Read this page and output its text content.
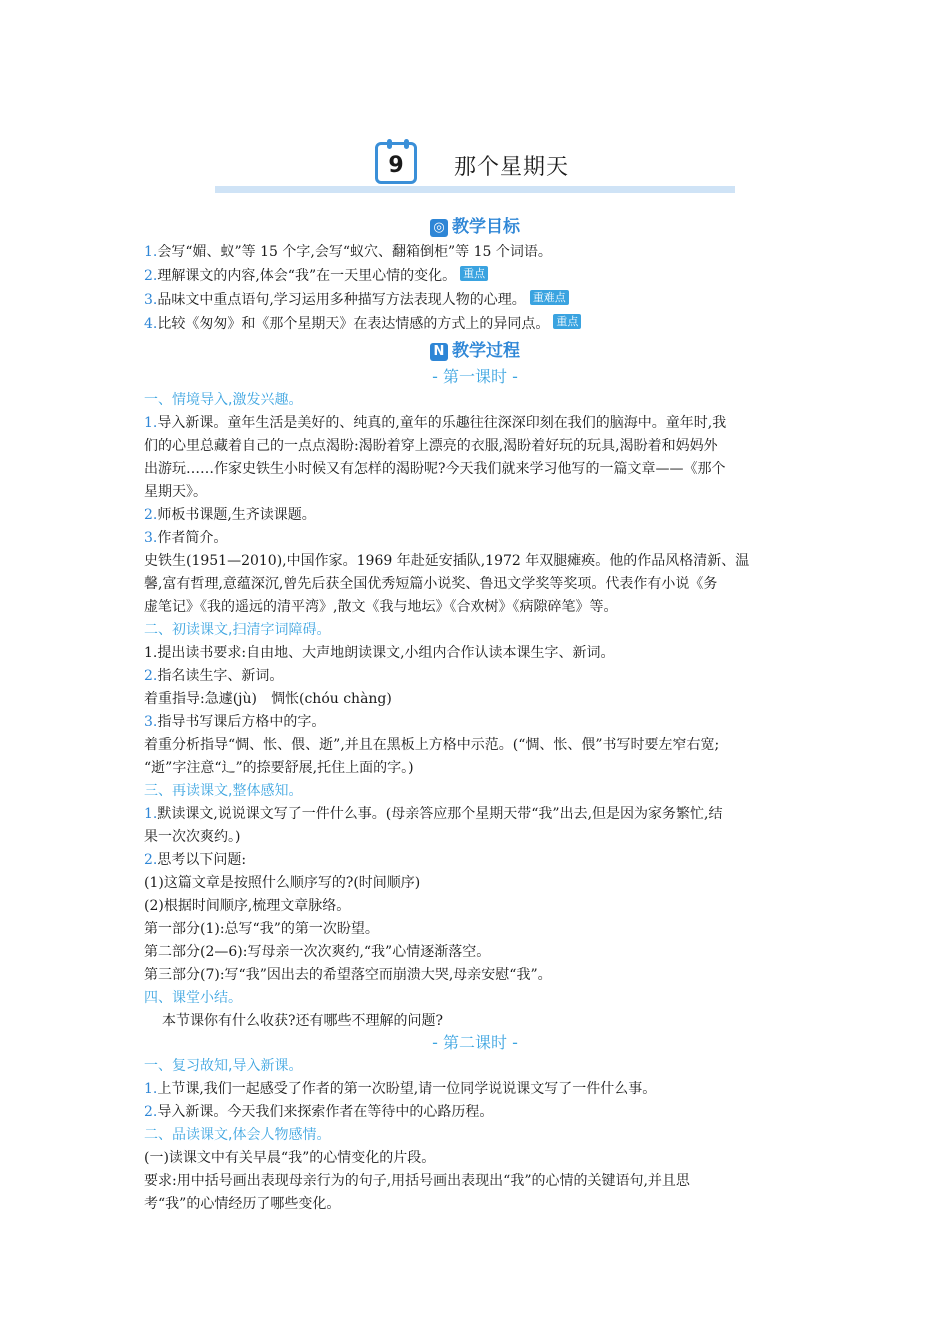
9	那个星期天
◎ 教学目标
1.会写“媚、蚁”等 15 个字,会写“蚁穴、翻箱倒柜”等 15 个词语。
2.理解课文的内容,体会“我”在一天里心情的变化。 重点
3.品味文中重点语句,学习运用多种描写方法表现人物的心理。 重难点
4.比较《匆匆》和《那个星期天》在表达情感的方式上的异同点。 重点
N 教学过程
- 第一课时 -
一、情境导入,激发兴趣。
1.导入新课。童年生活是美好的、纯真的,童年的乐趣往往深深印刻在我们的脑海中。童年时,我
们的心里总藏着自己的一点点渴盼:渴盼着穿上漂亮的衣服,渴盼着好玩的玩具,渴盼着和妈妈外
出游玩……作家史铁生小时候又有怎样的渴盼呢?今天我们就来学习他写的一篇文章——《那个
星期天》。
2.师板书课题,生齐读课题。
3.作者简介。
史铁生(1951—2010),中国作家。1969 年赴延安插队,1972 年双腿瘫痪。他的作品风格清新、温
馨,富有哲理,意蕴深沉,曾先后获全国优秀短篇小说奖、鲁迅文学奖等奖项。代表作有小说《务
虚笔记》《我的遥远的清平湾》,散文《我与地坛》《合欢树》《病隙碎笔》等。
二、初读课文,扫清字词障碍。
1.提出读书要求:自由地、大声地朗读课文,小组内合作认读本课生字、新词。
2.指名读生字、新词。
着重指导:急遽(jù)　惆怅(chóu chàng)
3.指导书写课后方格中的字。
着重分析指导“惆、怅、偎、逝”,并且在黑板上方格中示范。(“惆、怅、偎”书写时要左窄右宽;
“逝”字注意“辶”的捺要舒展,托住上面的字。)
三、再读课文,整体感知。
1.默读课文,说说课文写了一件什么事。(母亲答应那个星期天带“我”出去,但是因为家务繁忙,结
果一次次爽约。)
2.思考以下问题:
(1)这篇文章是按照什么顺序写的?(时间顺序)
(2)根据时间顺序,梳理文章脉络。
第一部分(1):总写“我”的第一次盼望。
第二部分(2—6):写母亲一次次爽约,“我”心情逐渐落空。
第三部分(7):写“我”因出去的希望落空而崩溃大哭,母亲安慰“我”。
四、课堂小结。
本节课你有什么收获?还有哪些不理解的问题?
- 第二课时 -
一、复习故知,导入新课。
1.上节课,我们一起感受了作者的第一次盼望,请一位同学说说课文写了一件什么事。
2.导入新课。今天我们来探索作者在等待中的心路历程。
二、品读课文,体会人物感情。
(一)读课文中有关早晨“我”的心情变化的片段。
要求:用中括号画出表现母亲行为的句子,用括号画出表现出“我”的心情的关键语句,并且思
考“我”的心情经历了哪些变化。
